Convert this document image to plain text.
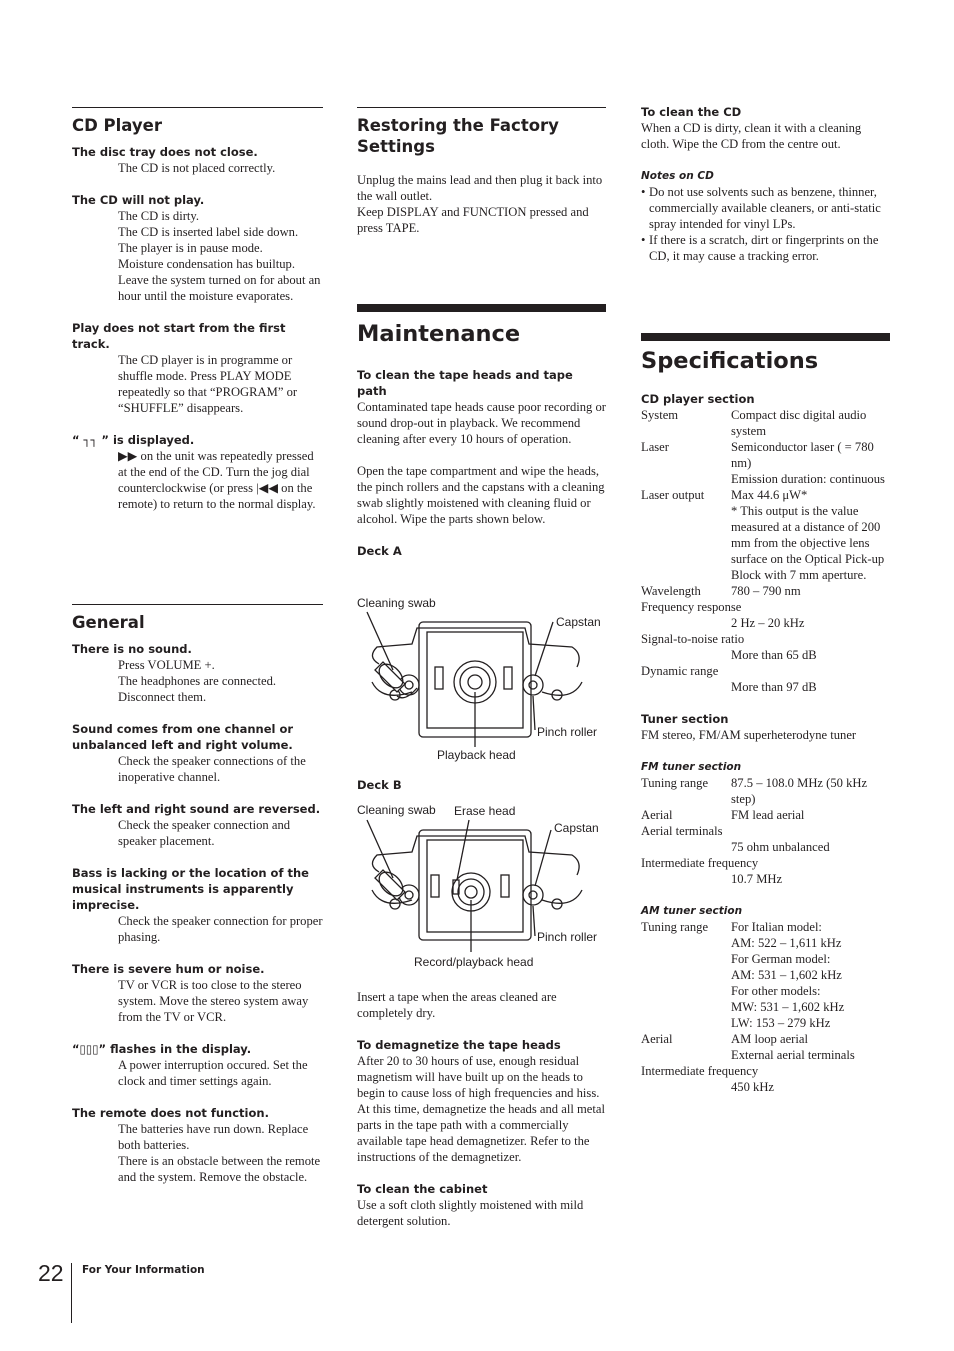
CD Player
The disc tray does not close.
The CD is not placed correctly.
The CD will not play.
The CD is dirty.
The CD is inserted label side down.
The player is in pause mode.
Moisture condensation has builtup. Leave the system turned on for about an hour until the moisture evaporates.
Play does not start from the first track.
The CD player is in programme or shuffle mode. Press PLAY MODE repeatedly so that “PROGRAM” or “SHUFFLE” disappears.
“ ┐┐ ” is displayed.
▶▶ on the unit was repeatedly pressed at the end of the CD. Turn the jog dial counterclockwise (or press |◀◀ on the remote) to return to the normal display.
General
There is no sound.
Press VOLUME +.
The headphones are connected. Disconnect them.
Sound comes from one channel or unbalanced left and right volume.
Check the speaker connections of the inoperative channel.
The left and right sound are reversed.
Check the speaker connection and speaker placement.
Bass is lacking or the location of the musical instruments is apparently imprecise.
Check the speaker connection for proper phasing.
There is severe hum or noise.
TV or VCR is too close to the stereo system. Move the stereo system away from the TV or VCR.
“▯▯▯” flashes in the display.
A power interruption occured. Set the clock and timer settings again.
The remote does not function.
The batteries have run down. Replace both batteries.
There is an obstacle between the remote and the system. Remove the obstacle.
Restoring the Factory Settings
Unplug the mains lead and then plug it back into the wall outlet.
Keep DISPLAY and FUNCTION pressed and press TAPE.
Maintenance
To clean the tape heads and tape path
Contaminated tape heads cause poor recording or sound drop-out in playback. We recommend cleaning after every 10 hours of operation.
Open the tape compartment and wipe the heads, the pinch rollers and the capstans with a cleaning swab slightly moistened with cleaning fluid or alcohol. Wipe the parts shown below.
Deck A
Cleaning swab
Capstan
Pinch roller
Playback head
Deck B
Cleaning swab Erase head
Capstan
Pinch roller
Record/playback head
Insert a tape when the areas cleaned are completely dry.
To demagnetize the tape heads
After 20 to 30 hours of use, enough residual magnetism will have built up on the heads to begin to cause loss of high frequencies and hiss. At this time, demagnetize the heads and all metal parts in the tape path with a commercially available tape head demagnetizer. Refer to the instructions of the demagnetizer.
To clean the cabinet
Use a soft cloth slightly moistened with mild detergent solution.
To clean the CD
When a CD is dirty, clean it with a cleaning cloth. Wipe the CD from the centre out.
Notes on CD
• Do not use solvents such as benzene, thinner, commercially available cleaners, or anti-static spray intended for vinyl LPs.
• If there is a scratch, dirt or fingerprints on the CD, it may cause a tracking error.
Specifications
CD player section
System	Compact disc digital audio system
Laser	Semiconductor laser ( = 780 nm)
Emission duration: continuous
Laser output	Max 44.6 μW*
* This output is the value measured at a distance of 200 mm from the objective lens surface on the Optical Pick-up Block with 7 mm aperture.
Wavelength	780 – 790 nm
Frequency response
2 Hz – 20 kHz
Signal-to-noise ratio
More than 65 dB
Dynamic range
More than 97 dB
Tuner section
FM stereo, FM/AM superheterodyne tuner
FM tuner section
Tuning range	87.5 – 108.0 MHz (50 kHz step)
Aerial	FM lead aerial
Aerial terminals
75 ohm unbalanced
Intermediate frequency
10.7 MHz
AM tuner section
Tuning range	For Italian model:
AM: 522 – 1,611 kHz
For German model:
AM: 531 – 1,602 kHz
For other models:
MW: 531 – 1,602 kHz
LW: 153 – 279 kHz
Aerial	AM loop aerial
External aerial terminals
Intermediate frequency
450 kHz
22 For Your Information
